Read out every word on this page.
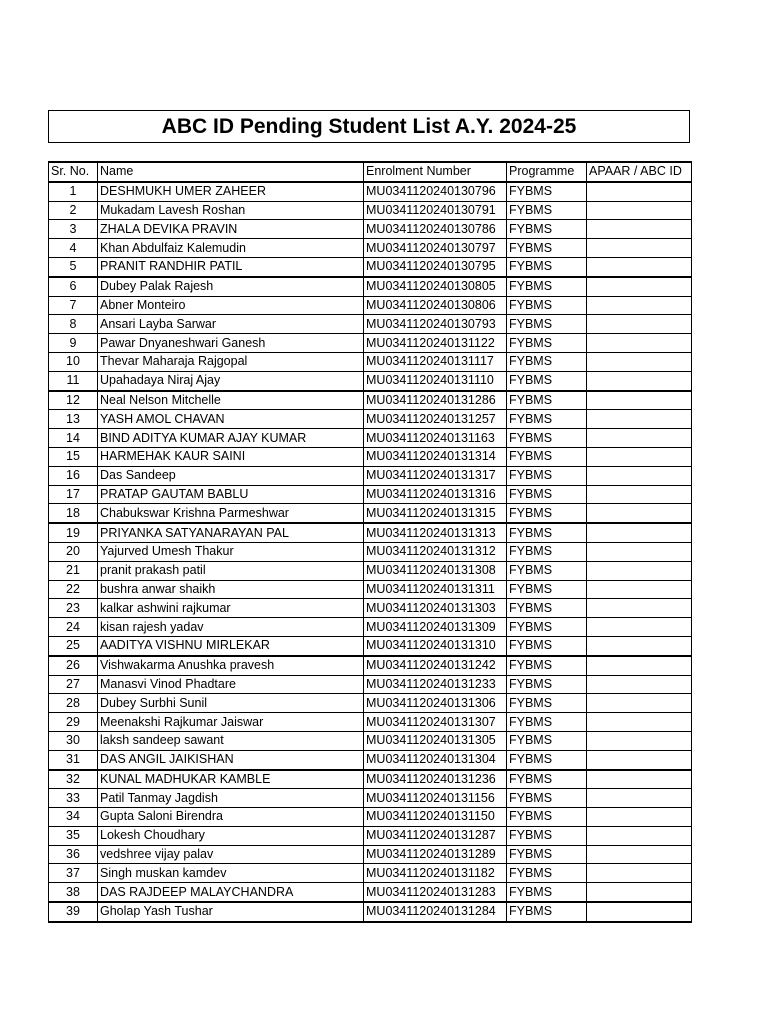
ABC ID Pending Student List A.Y. 2024-25
Sr. No.	Name	Enrolment Number	Programme	APAAR / ABC ID
1	DESHMUKH UMER ZAHEER	MU0341120240130796	FYBMS	
2	Mukadam Lavesh Roshan	MU0341120240130791	FYBMS	
3	ZHALA DEVIKA PRAVIN	MU0341120240130786	FYBMS	
4	Khan Abdulfaiz Kalemudin	MU0341120240130797	FYBMS	
5	PRANIT RANDHIR PATIL	MU0341120240130795	FYBMS	
6	Dubey Palak Rajesh	MU0341120240130805	FYBMS	
7	Abner Monteiro	MU0341120240130806	FYBMS	
8	Ansari Layba Sarwar	MU0341120240130793	FYBMS	
9	Pawar Dnyaneshwari Ganesh	MU0341120240131122	FYBMS	
10	Thevar Maharaja Rajgopal	MU0341120240131117	FYBMS	
11	Upahadaya Niraj Ajay	MU0341120240131110	FYBMS	
12	Neal Nelson Mitchelle	MU0341120240131286	FYBMS	
13	YASH AMOL CHAVAN	MU0341120240131257	FYBMS	
14	BIND ADITYA KUMAR AJAY KUMAR	MU0341120240131163	FYBMS	
15	HARMEHAK KAUR SAINI	MU0341120240131314	FYBMS	
16	Das Sandeep	MU0341120240131317	FYBMS	
17	PRATAP GAUTAM BABLU	MU0341120240131316	FYBMS	
18	Chabukswar Krishna Parmeshwar	MU0341120240131315	FYBMS	
19	PRIYANKA SATYANARAYAN PAL	MU0341120240131313	FYBMS	
20	Yajurved Umesh Thakur	MU0341120240131312	FYBMS	
21	pranit prakash patil	MU0341120240131308	FYBMS	
22	bushra anwar shaikh	MU0341120240131311	FYBMS	
23	kalkar ashwini rajkumar	MU0341120240131303	FYBMS	
24	kisan rajesh yadav	MU0341120240131309	FYBMS	
25	AADITYA VISHNU MIRLEKAR	MU0341120240131310	FYBMS	
26	Vishwakarma Anushka pravesh	MU0341120240131242	FYBMS	
27	Manasvi Vinod Phadtare	MU0341120240131233	FYBMS	
28	Dubey Surbhi Sunil	MU0341120240131306	FYBMS	
29	Meenakshi Rajkumar Jaiswar	MU0341120240131307	FYBMS	
30	laksh sandeep sawant	MU0341120240131305	FYBMS	
31	DAS ANGIL JAIKISHAN	MU0341120240131304	FYBMS	
32	KUNAL MADHUKAR KAMBLE	MU0341120240131236	FYBMS	
33	Patil Tanmay Jagdish	MU0341120240131156	FYBMS	
34	Gupta Saloni Birendra	MU0341120240131150	FYBMS	
35	Lokesh Choudhary	MU0341120240131287	FYBMS	
36	vedshree vijay palav	MU0341120240131289	FYBMS	
37	Singh muskan kamdev	MU0341120240131182	FYBMS	
38	DAS RAJDEEP MALAYCHANDRA	MU0341120240131283	FYBMS	
39	Gholap Yash Tushar	MU0341120240131284	FYBMS	
